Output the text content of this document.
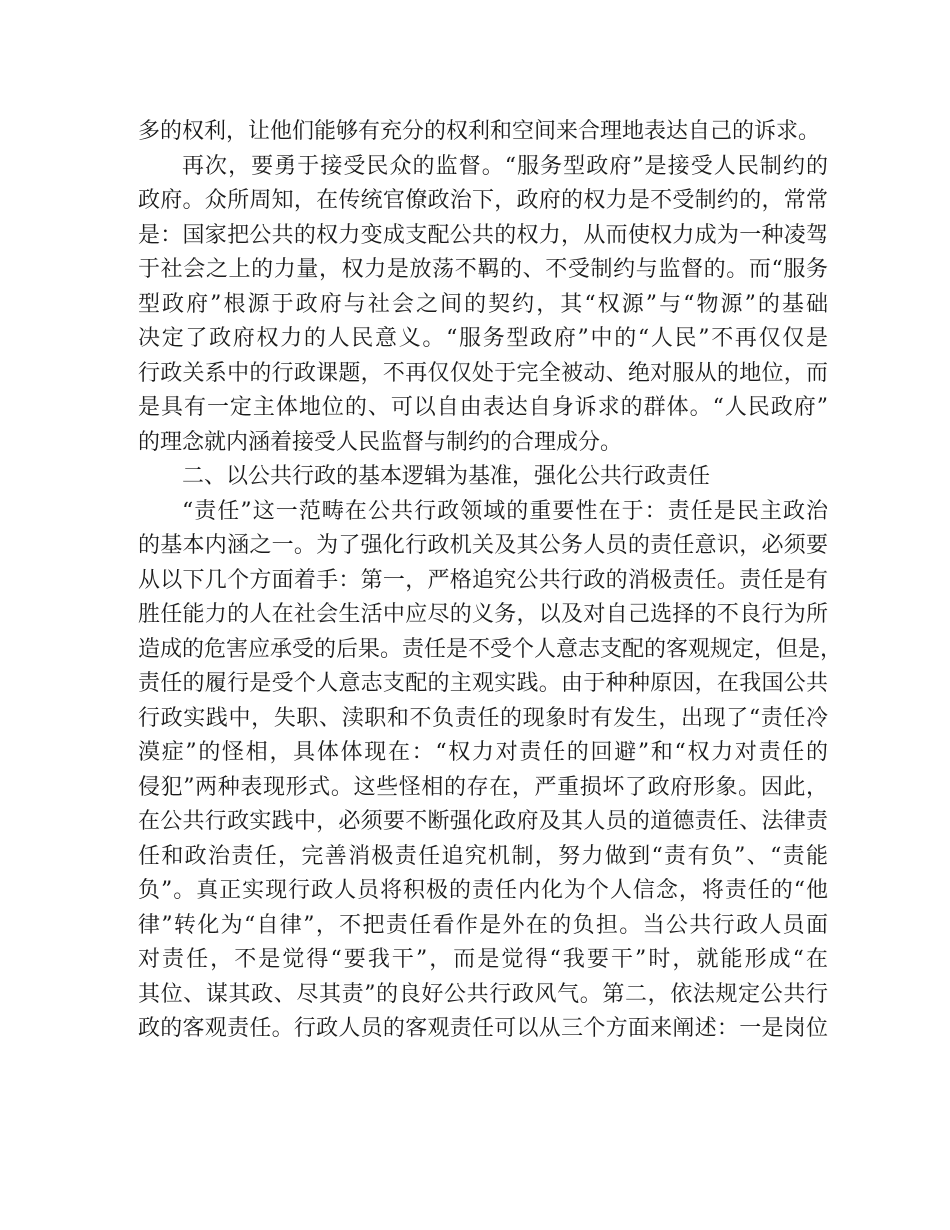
多的权利，让他们能够有充分的权利和空间来合理地表达自己的诉求。
再次，要勇于接受民众的监督。“服务型政府”是接受人民制约的
政府。众所周知，在传统官僚政治下，政府的权力是不受制约的，常常
是：国家把公共的权力变成支配公共的权力，从而使权力成为一种凌驾
于社会之上的力量，权力是放荡不羁的、不受制约与监督的。而“服务
型政府”根源于政府与社会之间的契约，其“权源”与“物源”的基础
决定了政府权力的人民意义。“服务型政府”中的“人民”不再仅仅是
行政关系中的行政课题，不再仅仅处于完全被动、绝对服从的地位，而
是具有一定主体地位的、可以自由表达自身诉求的群体。“人民政府”
的理念就内涵着接受人民监督与制约的合理成分。
二、以公共行政的基本逻辑为基准，强化公共行政责任
“责任”这一范畴在公共行政领域的重要性在于：责任是民主政治
的基本内涵之一。为了强化行政机关及其公务人员的责任意识，必须要
从以下几个方面着手：第一，严格追究公共行政的消极责任。责任是有
胜任能力的人在社会生活中应尽的义务，以及对自己选择的不良行为所
造成的危害应承受的后果。责任是不受个人意志支配的客观规定，但是，
责任的履行是受个人意志支配的主观实践。由于种种原因，在我国公共
行政实践中，失职、渎职和不负责任的现象时有发生，出现了“责任冷
漠症”的怪相，具体体现在：“权力对责任的回避”和“权力对责任的
侵犯”两种表现形式。这些怪相的存在，严重损坏了政府形象。因此，
在公共行政实践中，必须要不断强化政府及其人员的道德责任、法律责
任和政治责任，完善消极责任追究机制，努力做到“责有负”、“责能
负”。真正实现行政人员将积极的责任内化为个人信念，将责任的“他
律”转化为“自律”，不把责任看作是外在的负担。当公共行政人员面
对责任，不是觉得“要我干”，而是觉得“我要干”时，就能形成“在
其位、谋其政、尽其责”的良好公共行政风气。第二，依法规定公共行
政的客观责任。行政人员的客观责任可以从三个方面来阐述：一是岗位
